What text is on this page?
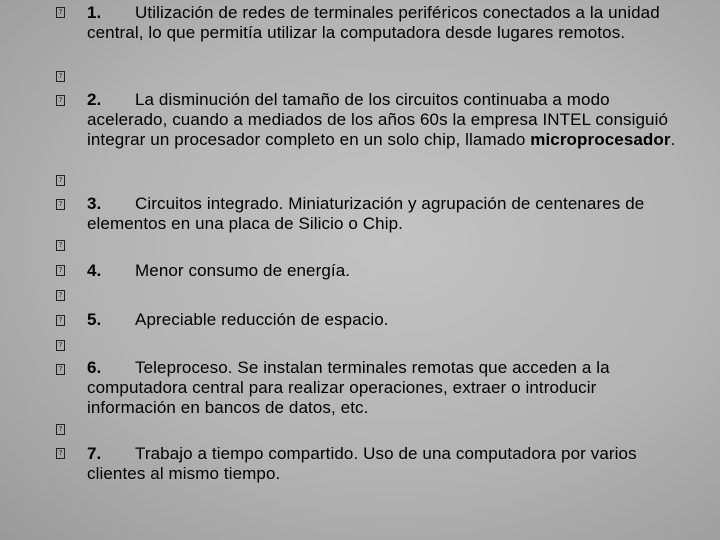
?
?
?
?
?
?
?
?
?
?
?
?
?
1. Utilización de redes de terminales periféricos conectados a la unidad central, lo que permitía utilizar la computadora desde lugares remotos.
2. La disminución del tamaño de los circuitos continuaba a modo acelerado, cuando a mediados de los años 60s la empresa INTEL consiguió integrar un procesador completo en un solo chip, llamado microprocesador.
3. Circuitos integrado. Miniaturización y agrupación de centenares de elementos en una placa de Silicio o Chip.
4. Menor consumo de energía.
5. Apreciable reducción de espacio.
6. Teleproceso. Se instalan terminales remotas que acceden a la computadora central para realizar operaciones, extraer o introducir información en bancos de datos, etc.
7. Trabajo a tiempo compartido. Uso de una computadora por varios clientes al mismo tiempo.
